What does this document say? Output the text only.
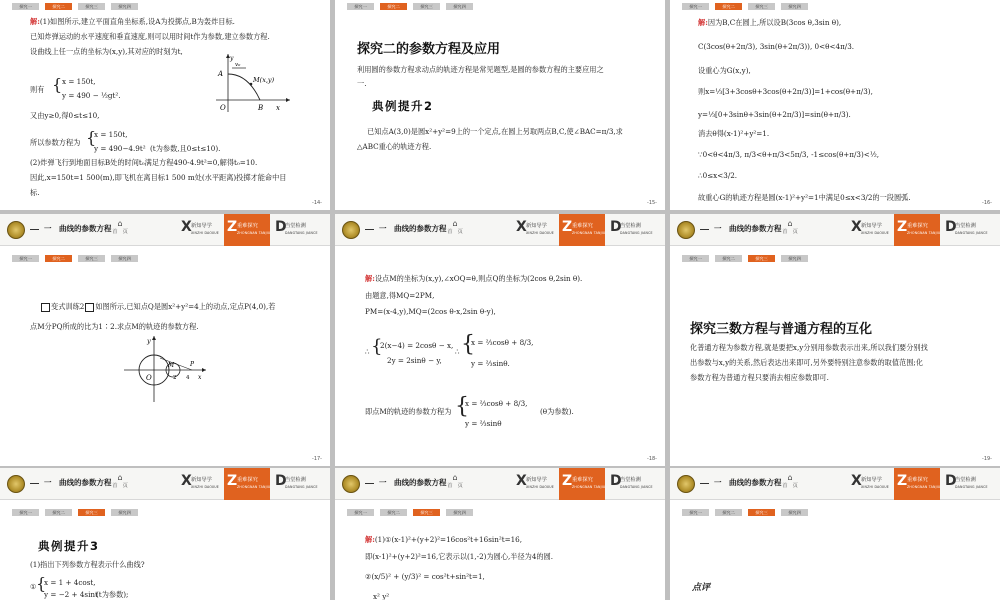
探究一	探究二	探究三	探究四
解:(1)如图所示,建立平面直角坐标系,设A为投掷点,B为轰炸目标.
已知炸弹运动的水平速度和垂直速度,则可以用时间t作为参数,建立参数方程.
设曲线上任一点的坐标为(x,y),其对应的时刻为t,
则有 { x = 150t,
y = 490 − ½gt².
又由y≥0,得0≤t≤10,
所以参数方程为 {
x = 150t,
y = 490−4.9t² (t为参数,且0≤t≤10).
(2)炸弹飞行到地面目标B处的时间t₀满足方程490-4.9t²=0,解得t₀=10.
因此,x=150t=1 500(m),即飞机在离目标1 500 m处(水平距离)投掷才能命中目
标.
A
y
v₀
M(x,y)
O	B x
-14-
探究一	探究二	探究三	探究四
探究二的参数方程及应用
利用圆的参数方程求动点的轨迹方程是常见题型,是圆的参数方程的主要应用之
一.
典例提升2
已知点A(3,0)是圆x²+y²=9上的一个定点,在圆上另取两点B,C,使∠BAC=π/3,求
△ABC重心的轨迹方程.
-15-
探究一	探究二	探究三	探究四
解:因为B,C在圆上,所以设B(3cos θ,3sin θ),
C(3cos(θ+2π/3), 3sin(θ+2π/3)), 0<θ<4π/3.
设重心为G(x,y),
则x=⅓[3+3cosθ+3cos(θ+2π/3)]=1+cos(θ+π/3),
y=⅓[0+3sinθ+3sin(θ+2π/3)]=sin(θ+π/3).
消去θ得(x-1)²+y²=1.
∵0<θ<4π/3, π/3<θ+π/3<5π/3, -1≤cos(θ+π/3)<½,
∴0≤x<3/2.
故重心G的轨迹方程是圆(x-1)²+y²=1中满足0≤x<3/2的一段圆弧.
-16-
一　曲线的参数方程
⌂
首　页	X 新知导学
XINZHI DAOXUE Z 重难探究
ZHONGNAN TANJIU D
当堂检测
DANGTANG JIANCE
探究一	探究二	探究三	探究四
变式训练2 如图所示,已知点Q是圆x²+y²=4上的动点,定点P(4,0),若
点M分PQ所成的比为1∶2.求点M的轨迹的参数方程.
y
O
M	P
2 4 x
-17-
一　曲线的参数方程
⌂
首　页	X 新知导学
XINZHI DAOXUE Z 重难探究
ZHONGNAN TANJIU D
当堂检测
DANGTANG JIANCE
解:设点M的坐标为(x,y),∠xOQ=θ,则点Q的坐标为(2cos θ,2sin θ).
由题意,得MQ=2PM,
PM=(x-4,y),MQ=(2cos θ-x,2sin θ-y),
∴ {
2(x−4) = 2cosθ − x,
2y = 2sinθ − y,
∴ {
x = ⅔cosθ + 8/3,
y = ⅔sinθ.
即点M的轨迹的参数方程为 {
x = ⅔cosθ + 8/3,
y = ⅔sinθ
(θ为参数).
-18-
一　曲线的参数方程
⌂
首　页	X 新知导学
XINZHI DAOXUE Z 重难探究
ZHONGNAN TANJIU D
当堂检测
DANGTANG JIANCE
探究一	探究二	探究三	探究四
探究三数方程与普通方程的互化
化普通方程为参数方程,就是要把x,y分别用参数表示出来,所以我们要分别找
出参数与x,y的关系,然后表达出来即可,另外要特别注意参数的取值范围;化
参数方程为普通方程只要消去相应参数即可.
-19-
一　曲线的参数方程
⌂
首　页	X 新知导学
XINZHI DAOXUE Z 重难探究
ZHONGNAN TANJIU D
当堂检测
DANGTANG JIANCE
探究一	探究二	探究三	探究四
典例提升3
(1)指出下列参数方程表示什么曲线?
① {
x = 1 + 4cost,
y = −2 + 4sint
(t为参数);
一　曲线的参数方程
⌂
首　页	X 新知导学
XINZHI DAOXUE Z 重难探究
ZHONGNAN TANJIU D
当堂检测
DANGTANG JIANCE
探究一	探究二	探究三	探究四
解:(1)①(x-1)²+(y+2)²=16cos²t+16sin²t=16,
即(x-1)²+(y+2)²=16,它表示以(1,-2)为圆心,半径为4的圆.
②(x/5)² + (y/3)² = cos²t+sin²t=1,
x² y²
一　曲线的参数方程
⌂
首　页	X 新知导学
XINZHI DAOXUE Z 重难探究
ZHONGNAN TANJIU D
当堂检测
DANGTANG JIANCE
探究一	探究二	探究三	探究四
点评
